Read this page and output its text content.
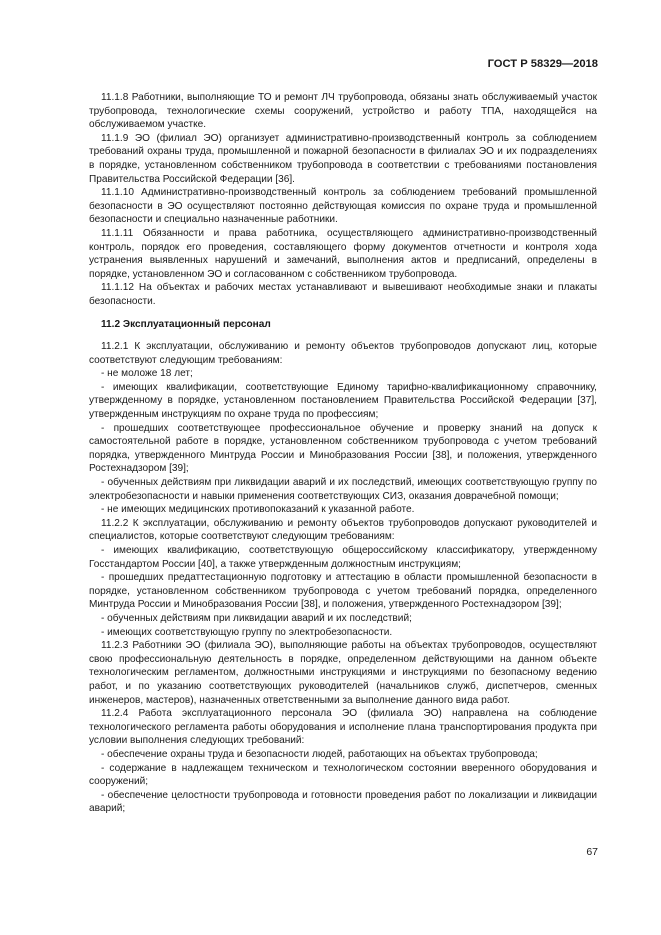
ГОСТ Р 58329—2018

11.1.8 Работники, выполняющие ТО и ремонт ЛЧ трубопровода, обязаны знать обслуживаемый участок трубопровода, технологические схемы сооружений, устройство и работу ТПА, находящейся на обслуживаемом участке.

11.1.9 ЭО (филиал ЭО) организует административно-производственный контроль за соблюдением требований охраны труда, промышленной и пожарной безопасности в филиалах ЭО и их подразделениях в порядке, установленном собственником трубопровода в соответствии с требованиями постановления Правительства Российской Федерации [36].

11.1.10 Административно-производственный контроль за соблюдением требований промышленной безопасности в ЭО осуществляют постоянно действующая комиссия по охране труда и промышленной безопасности и специально назначенные работники.

11.1.11 Обязанности и права работника, осуществляющего административно-производственный контроль, порядок его проведения, составляющего форму документов отчетности и контроля хода устранения выявленных нарушений и замечаний, выполнения актов и предписаний, определены в порядке, установленном ЭО и согласованном с собственником трубопровода.

11.1.12 На объектах и рабочих местах устанавливают и вывешивают необходимые знаки и плакаты безопасности.

11.2 Эксплуатационный персонал

11.2.1 К эксплуатации, обслуживанию и ремонту объектов трубопроводов допускают лиц, которые соответствуют следующим требованиям:

- не моложе 18 лет;

- имеющих квалификации, соответствующие Единому тарифно-квалификационному справочнику, утвержденному в порядке, установленном постановлением Правительства Российской Федерации [37], утвержденным инструкциям по охране труда по профессиям;

- прошедших соответствующее профессиональное обучение и проверку знаний на допуск к самостоятельной работе в порядке, установленном собственником трубопровода с учетом требований порядка, утвержденного Минтруда России и Минобразования России [38], и положения, утвержденного Ростехнадзором [39];

- обученных действиям при ликвидации аварий и их последствий, имеющих соответствующую группу по электробезопасности и навыки применения соответствующих СИЗ, оказания доврачебной помощи;

- не имеющих медицинских противопоказаний к указанной работе.

11.2.2 К эксплуатации, обслуживанию и ремонту объектов трубопроводов допускают руководителей и специалистов, которые соответствуют следующим требованиям:

- имеющих квалификацию, соответствующую общероссийскому классификатору, утвержденному Госстандартом России [40], а также утвержденным должностным инструкциям;

- прошедших предаттестационную подготовку и аттестацию в области промышленной безопасности в порядке, установленном собственником трубопровода с учетом требований порядка, определенного Минтруда России и Минобразования России [38], и положения, утвержденного Ростехнадзором [39];

- обученных действиям при ликвидации аварий и их последствий;

- имеющих соответствующую группу по электробезопасности.

11.2.3 Работники ЭО (филиала ЭО), выполняющие работы на объектах трубопроводов, осуществляют свою профессиональную деятельность в порядке, определенном действующими на данном объекте технологическим регламентом, должностными инструкциями и инструкциями по безопасному ведению работ, и по указанию соответствующих руководителей (начальников служб, диспетчеров, сменных инженеров, мастеров), назначенных ответственными за выполнение данного вида работ.

11.2.4 Работа эксплуатационного персонала ЭО (филиала ЭО) направлена на соблюдение технологического регламента работы оборудования и исполнение плана транспортирования продукта при условии выполнения следующих требований:

- обеспечение охраны труда и безопасности людей, работающих на объектах трубопровода;

- содержание в надлежащем техническом и технологическом состоянии вверенного оборудования и сооружений;

- обеспечение целостности трубопровода и готовности проведения работ по локализации и ликвидации аварий;

67
